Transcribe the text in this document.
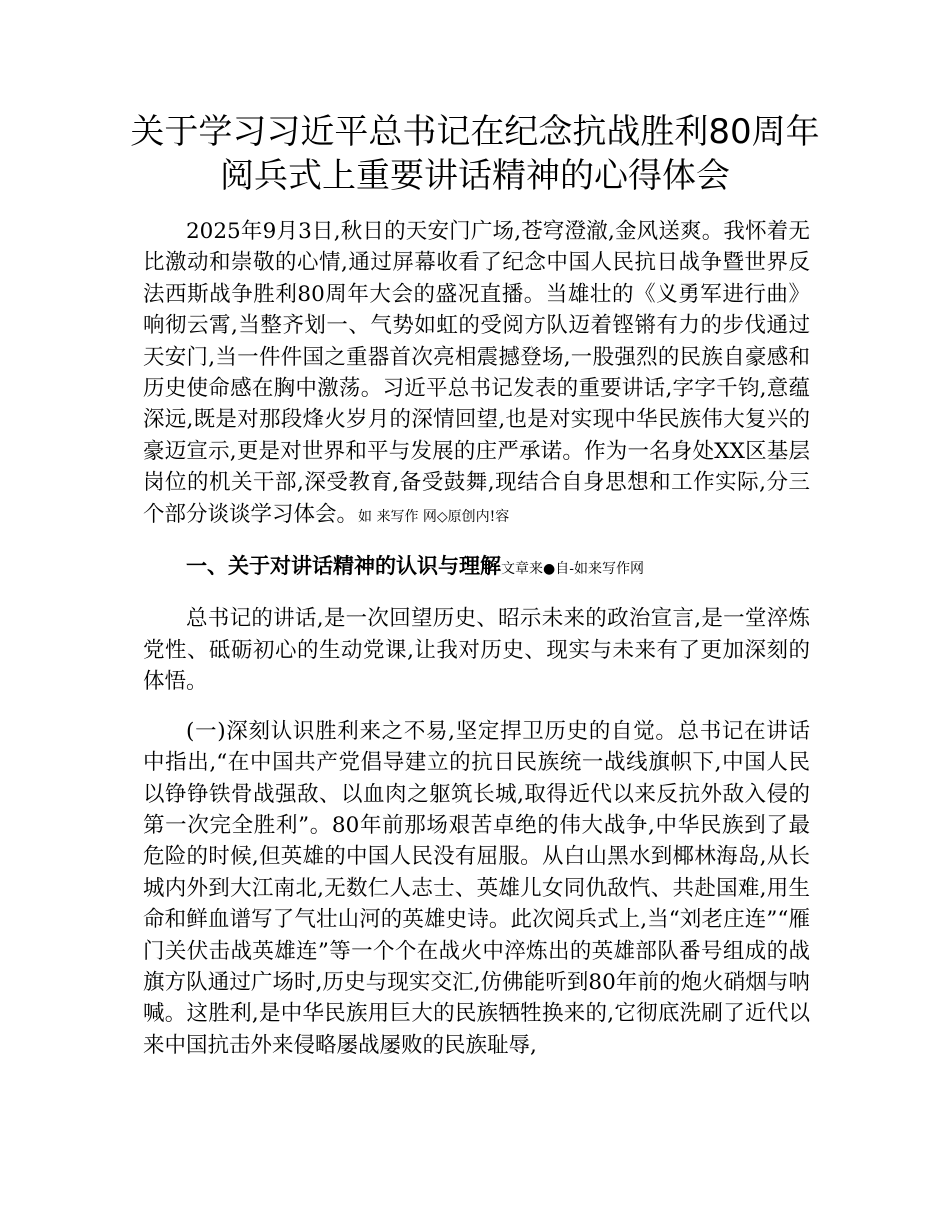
关于学习习近平总书记在纪念抗战胜利80周年
阅兵式上重要讲话精神的心得体会

2025年9月3日,秋日的天安门广场,苍穹澄澈,金风送爽。我怀着无比激动和崇敬的心情,通过屏幕收看了纪念中国人民抗日战争暨世界反法西斯战争胜利80周年大会的盛况直播。当雄壮的《义勇军进行曲》响彻云霄,当整齐划一、气势如虹的受阅方队迈着铿锵有力的步伐通过天安门,当一件件国之重器首次亮相震撼登场,一股强烈的民族自豪感和历史使命感在胸中激荡。习近平总书记发表的重要讲话,字字千钧,意蕴深远,既是对那段烽火岁月的深情回望,也是对实现中华民族伟大复兴的豪迈宣示,更是对世界和平与发展的庄严承诺。作为一名身处XX区基层岗位的机关干部,深受教育,备受鼓舞,现结合自身思想和工作实际,分三个部分谈谈学习体会。如 来写作 网◇原创内!容

一、关于对讲话精神的认识与理解文章来●自-如来写作网

总书记的讲话,是一次回望历史、昭示未来的政治宣言,是一堂淬炼党性、砥砺初心的生动党课,让我对历史、现实与未来有了更加深刻的体悟。

(一)深刻认识胜利来之不易,坚定捍卫历史的自觉。总书记在讲话中指出,“在中国共产党倡导建立的抗日民族统一战线旗帜下,中国人民以铮铮铁骨战强敌、以血肉之躯筑长城,取得近代以来反抗外敌入侵的第一次完全胜利”。80年前那场艰苦卓绝的伟大战争,中华民族到了最危险的时候,但英雄的中国人民没有屈服。从白山黑水到椰林海岛,从长城内外到大江南北,无数仁人志士、英雄儿女同仇敌忾、共赴国难,用生命和鲜血谱写了气壮山河的英雄史诗。此次阅兵式上,当“刘老庄连”“雁门关伏击战英雄连”等一个个在战火中淬炼出的英雄部队番号组成的战旗方队通过广场时,历史与现实交汇,仿佛能听到80年前的炮火硝烟与呐喊。这胜利,是中华民族用巨大的民族牺牲换来的,它彻底洗刷了近代以来中国抗击外来侵略屡战屡败的民族耻辱,
